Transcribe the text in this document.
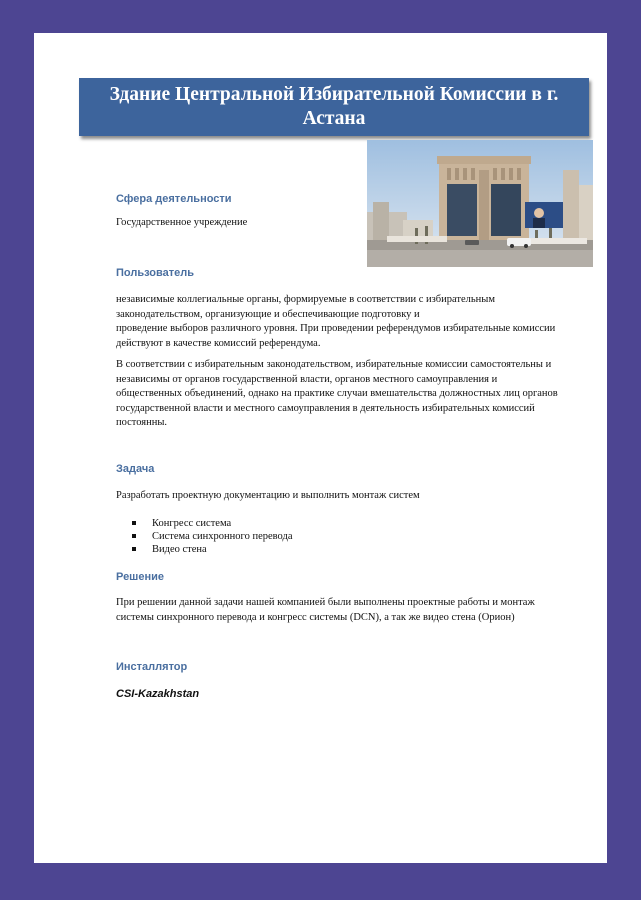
Здание Центральной Избирательной Комиссии в г. Астана
Сфера деятельности
Государственное учреждение
Пользователь
независимые коллегиальные органы, формируемые в соответствии с избирательным
законодательством, организующие и обеспечивающие подготовку и
проведение выборов различного уровня. При проведении референдумов избирательные комиссии
действуют в качестве комиссий референдума.
В соответствии с избирательным законодательством, избирательные комиссии самостоятельны и
независимы от органов государственной власти, органов местного самоуправления и
общественных объединений, однако на практике случаи вмешательства должностных лиц органов
государственной власти и местного самоуправления в деятельность избирательных комиссий
постоянны.
Задача
Разработать проектную документацию и выполнить монтаж систем
Конгресс система
Система синхронного перевода
Видео стена
Решение
При решении данной задачи нашей компанией были выполнены проектные работы и монтаж
системы синхронного перевода и конгресс системы (DCN), а так же видео стена (Орион)
Инсталлятор
CSI-Kazakhstan
